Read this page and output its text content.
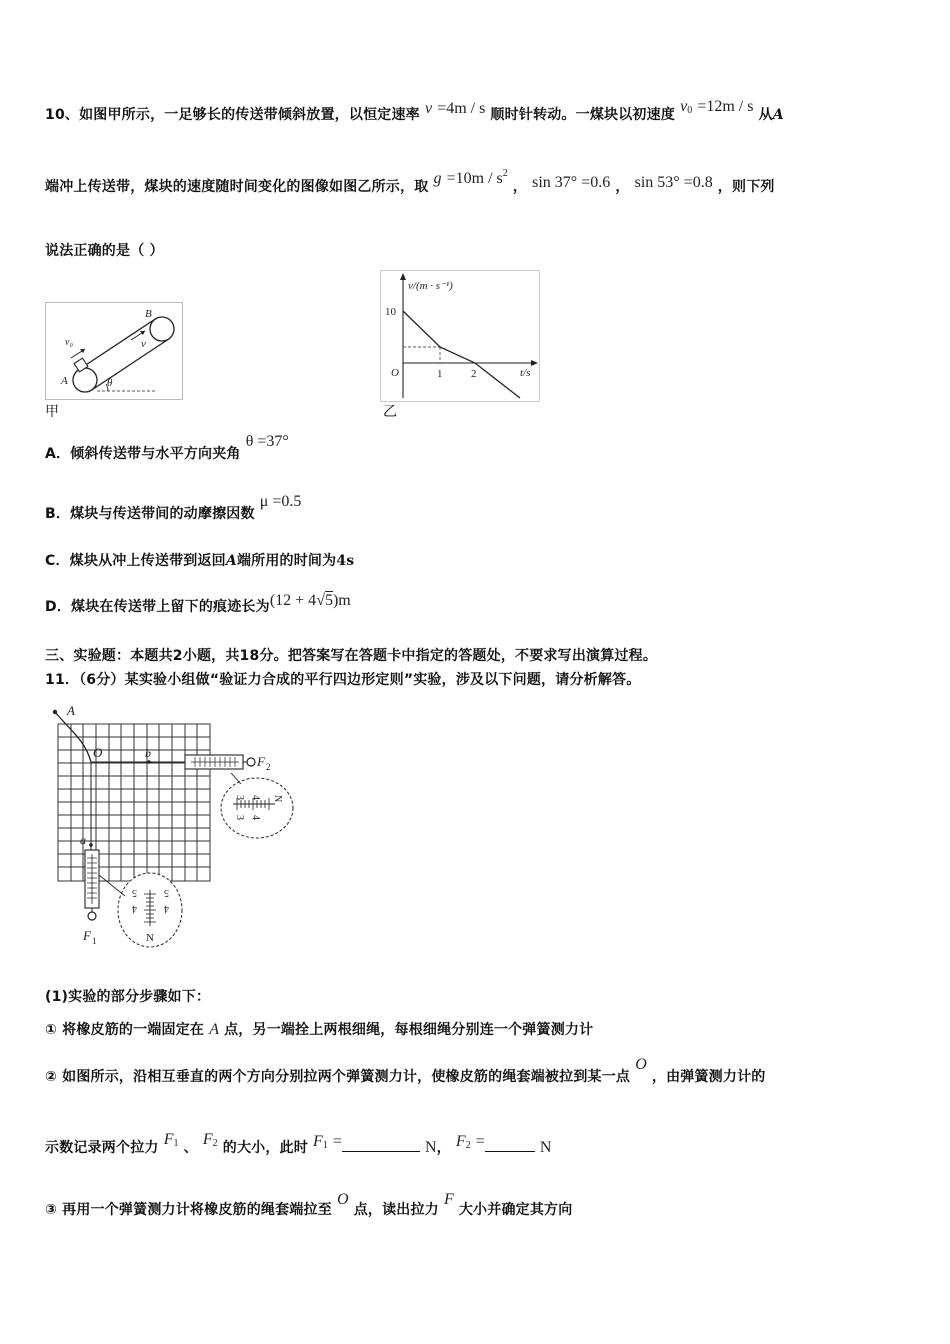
10、如图甲所示，一足够长的传送带倾斜放置，以恒定速率 v =4m / s 顺时针转动。一煤块以初速度 $v^0 =12m / s$ 从A
端冲上传送带，煤块的速度随时间变化的图像如图乙所示，取 $g =10m / s^2$ ， sin 37° =0.6 ， sin 53° =0.8 ，则下列
说法正确的是（ ）
v₀	v
A
B
θ
甲
v/(m · s⁻¹)
10
O	1	2	t/s
乙
A．倾斜传送带与水平方向夹角 θ =37°
B．煤块与传送带间的动摩擦因数 μ =0.5
C．煤块从冲上传送带到返回A端所用的时间为4s
D．煤块在传送带上留下的痕迹长为(12 + 4√5)m
三、实验题：本题共2小题，共18分。把答案写在答题卡中指定的答题处，不要求写出演算过程。
11．（6分）某实验小组做“验证力合成的平行四边形定则”实验，涉及以下问题，请分析解答。
3 4 N
3 4
5
4
5
4
N
A
O	b
a
F 1
F 2
(1)实验的部分步骤如下：
① 将橡皮筋的一端固定在 A 点，另一端拴上两根细绳，每根细绳分别连一个弹簧测力计
② 如图所示，沿相互垂直的两个方向分别拉两个弹簧测力计，使橡皮筋的绳套端被拉到某一点 O ，由弹簧测力计的
示数记录两个拉力 $F^1$ 、 $F^2$ 的大小，此时 $F^1$ =	N， $F^2$ =	N
③ 再用一个弹簧测力计将橡皮筋的绳套端拉至 O 点，读出拉力 F 大小并确定其方向
